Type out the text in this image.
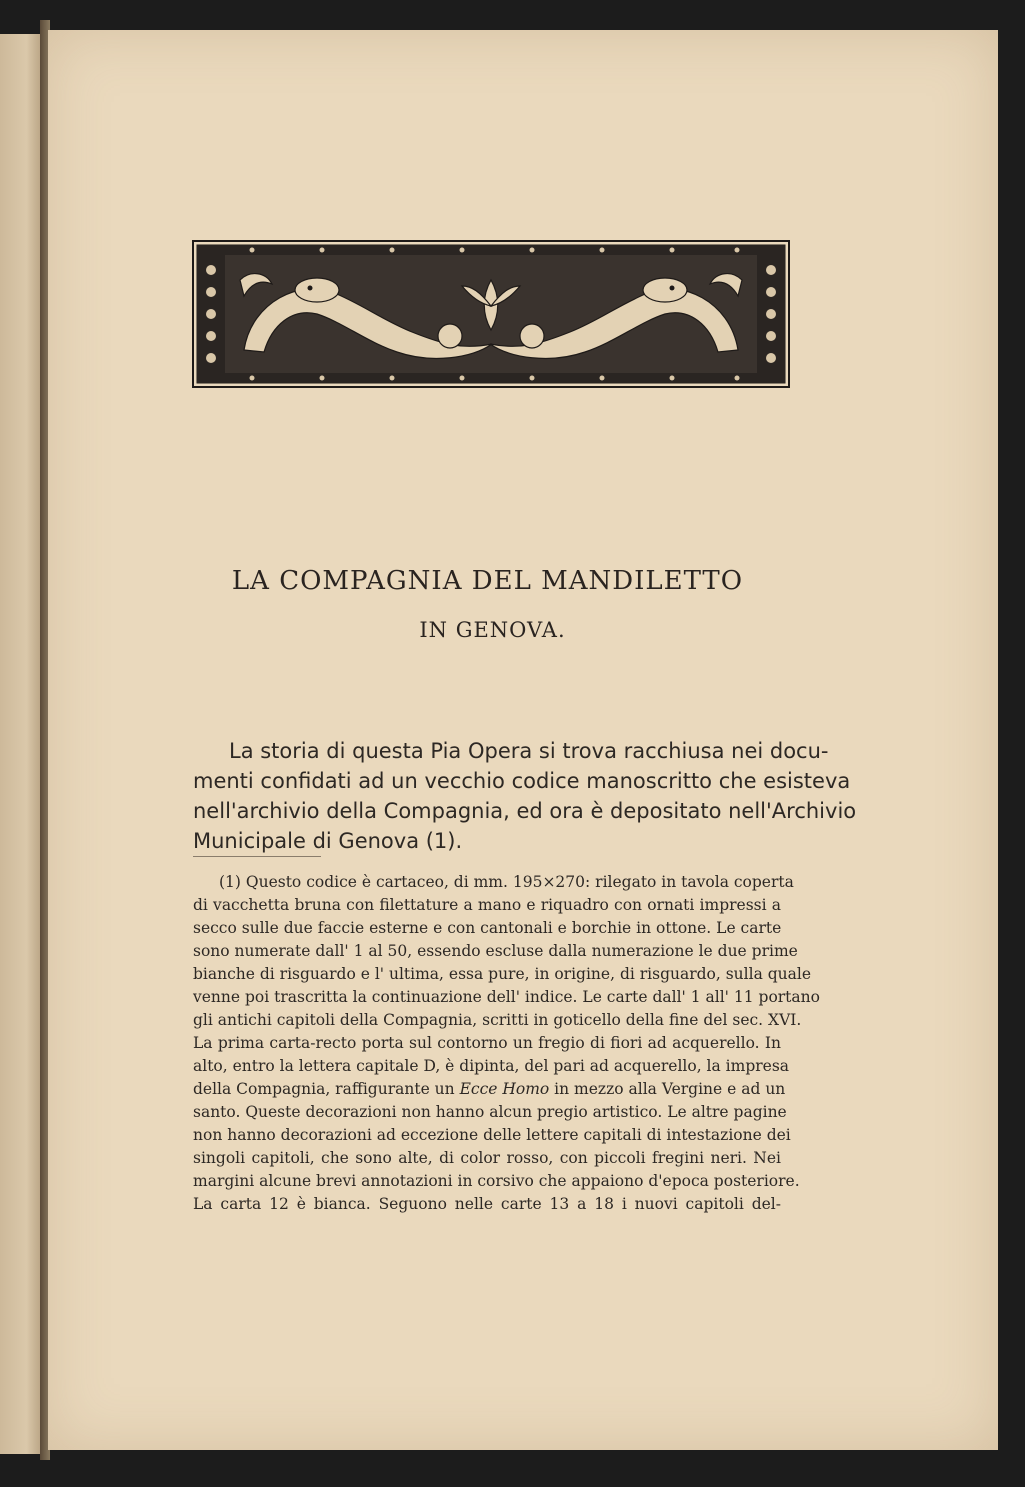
LA COMPAGNIA DEL MANDILETTO
IN GENOVA.
La storia di questa Pia Opera si trova racchiusa nei docu-
menti confidati ad un vecchio codice manoscritto che esisteva
nell'archivio della Compagnia, ed ora è depositato nell'Archivio
Municipale di Genova (1).
(1) Questo codice è cartaceo, di mm. 195×270: rilegato in tavola coperta
di vacchetta bruna con filettature a mano e riquadro con ornati impressi a
secco sulle due faccie esterne e con cantonali e borchie in ottone. Le carte
sono numerate dall' 1 al 50, essendo escluse dalla numerazione le due prime
bianche di risguardo e l' ultima, essa pure, in origine, di risguardo, sulla quale
venne poi trascritta la continuazione dell' indice. Le carte dall' 1 all' 11 portano
gli antichi capitoli della Compagnia, scritti in goticello della fine del sec. XVI.
La prima carta-recto porta sul contorno un fregio di fiori ad acquerello. In
alto, entro la lettera capitale D, è dipinta, del pari ad acquerello, la impresa
della Compagnia, raffigurante un Ecce Homo in mezzo alla Vergine e ad un
santo. Queste decorazioni non hanno alcun pregio artistico. Le altre pagine
non hanno decorazioni ad eccezione delle lettere capitali di intestazione dei
singoli capitoli, che sono alte, di color rosso, con piccoli fregini neri. Nei
margini alcune brevi annotazioni in corsivo che appaiono d'epoca posteriore.
La carta 12 è bianca. Seguono nelle carte 13 a 18 i nuovi capitoli del-
